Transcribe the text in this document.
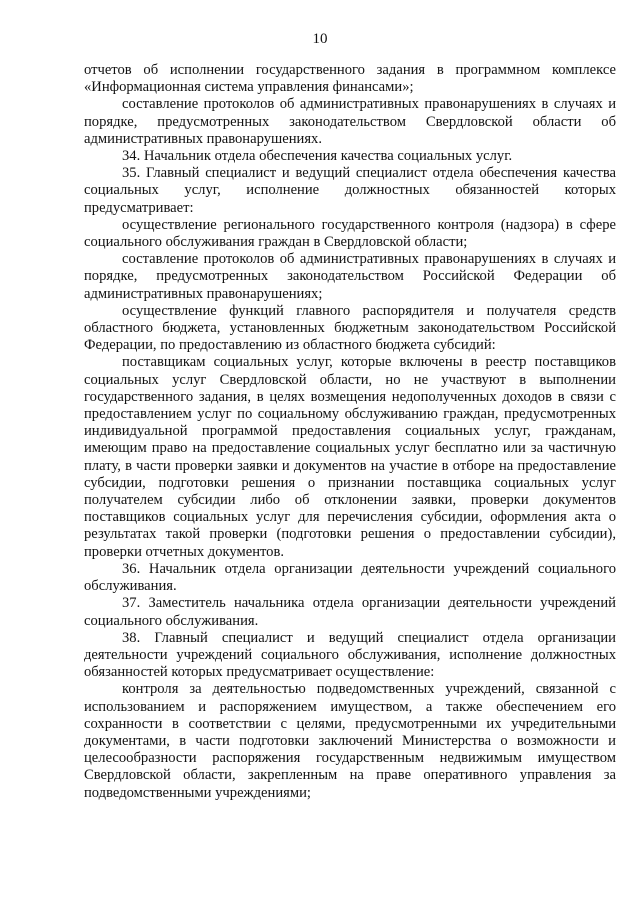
10

отчетов об исполнении государственного задания в программном комплексе «Информационная система управления финансами»;

составление протоколов об административных правонарушениях в случаях и порядке, предусмотренных законодательством Свердловской области об административных правонарушениях.

34. Начальник отдела обеспечения качества социальных услуг.

35. Главный специалист и ведущий специалист отдела обеспечения качества социальных услуг, исполнение должностных обязанностей которых предусматривает:

осуществление регионального государственного контроля (надзора) в сфере социального обслуживания граждан в Свердловской области;

составление протоколов об административных правонарушениях в случаях и порядке, предусмотренных законодательством Российской Федерации об административных правонарушениях;

осуществление функций главного распорядителя и получателя средств областного бюджета, установленных бюджетным законодательством Российской Федерации, по предоставлению из областного бюджета субсидий:

поставщикам социальных услуг, которые включены в реестр поставщиков социальных услуг Свердловской области, но не участвуют в выполнении государственного задания, в целях возмещения недополученных доходов в связи с предоставлением услуг по социальному обслуживанию граждан, предусмотренных индивидуальной программой предоставления социальных услуг, гражданам, имеющим право на предоставление социальных услуг бесплатно или за частичную плату, в части проверки заявки и документов на участие в отборе на предоставление субсидии, подготовки решения о признании поставщика социальных услуг получателем субсидии либо об отклонении заявки, проверки документов поставщиков социальных услуг для перечисления субсидии, оформления акта о результатах такой проверки (подготовки решения о предоставлении субсидии), проверки отчетных документов.

36. Начальник отдела организации деятельности учреждений социального обслуживания.

37. Заместитель начальника отдела организации деятельности учреждений социального обслуживания.

38. Главный специалист и ведущий специалист отдела организации деятельности учреждений социального обслуживания, исполнение должностных обязанностей которых предусматривает осуществление:

контроля за деятельностью подведомственных учреждений, связанной с использованием и распоряжением имуществом, а также обеспечением его сохранности в соответствии с целями, предусмотренными их учредительными документами, в части подготовки заключений Министерства о возможности и целесообразности распоряжения государственным недвижимым имуществом Свердловской области, закрепленным на праве оперативного управления за подведомственными учреждениями;
